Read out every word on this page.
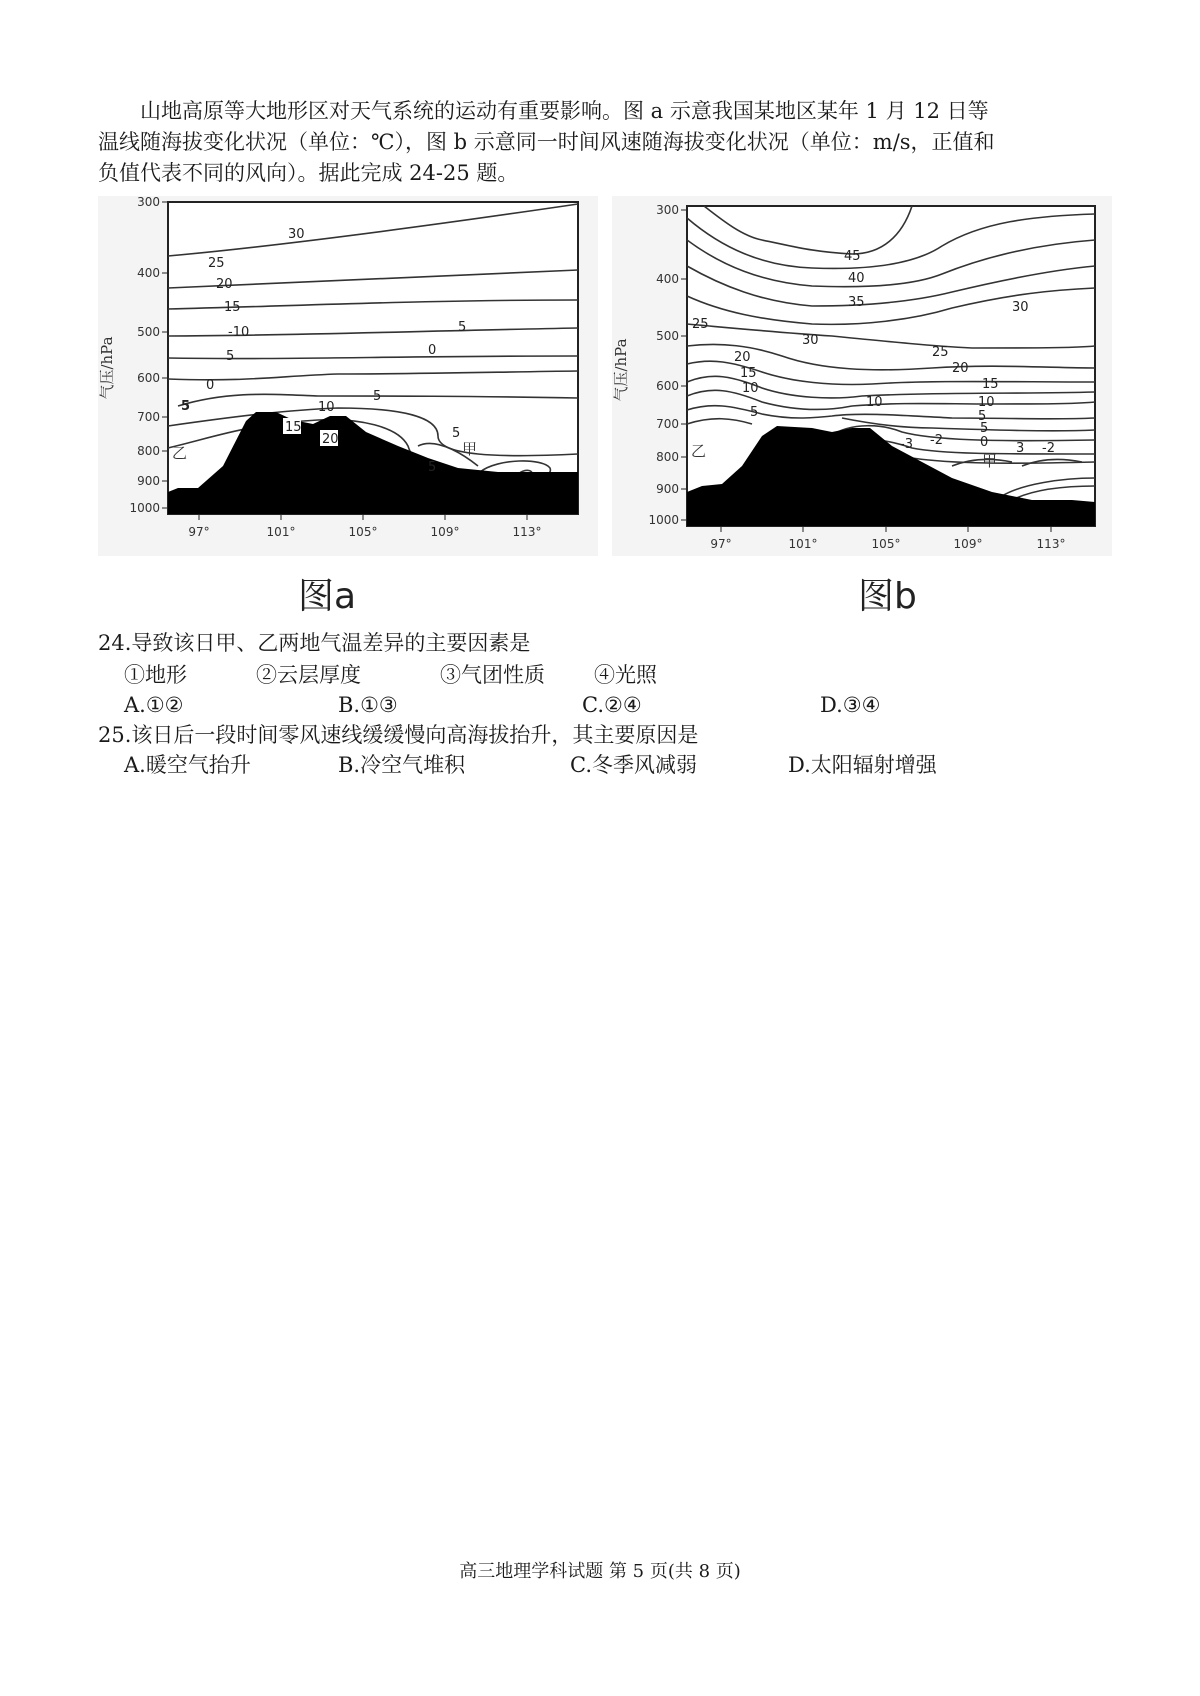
山地高原等大地形区对天气系统的运动有重要影响。图 a 示意我国某地区某年 1 月 12 日等

温线随海拔变化状况（单位：℃），图 b 示意同一时间风速随海拔变化状况（单位：m/s，正值和
负值代表不同的风向）。据此完成 24-25 题。
300
400
500
600
700
800
900
1000
气压/hPa
97°	101°	105°	109°	113°
30
25
20
15
-10
5
5
0
0
5
5
10
15
20	5
5
乙	甲
图a
300
400
500
600
700
800
900
1000
气压/hPa
97°	101°	105°	109°	113°
45
40
35
30
30
25
25
20
15
10
5
20
15
10
5
10
5
0
-3 -2
3 -2
乙
甲
图b
24.导致该日甲、乙两地气温差异的主要因素是
①地形	②云层厚度	③气团性质 ④光照
A.①②	B.①③	C.②④	D.③④
25.该日后一段时间零风速线缓缓慢向高海拔抬升，其主要原因是
A.暖空气抬升	B.冷空气堆积	C.冬季风减弱	D.太阳辐射增强
高三地理学科试题 第 5 页(共 8 页)
